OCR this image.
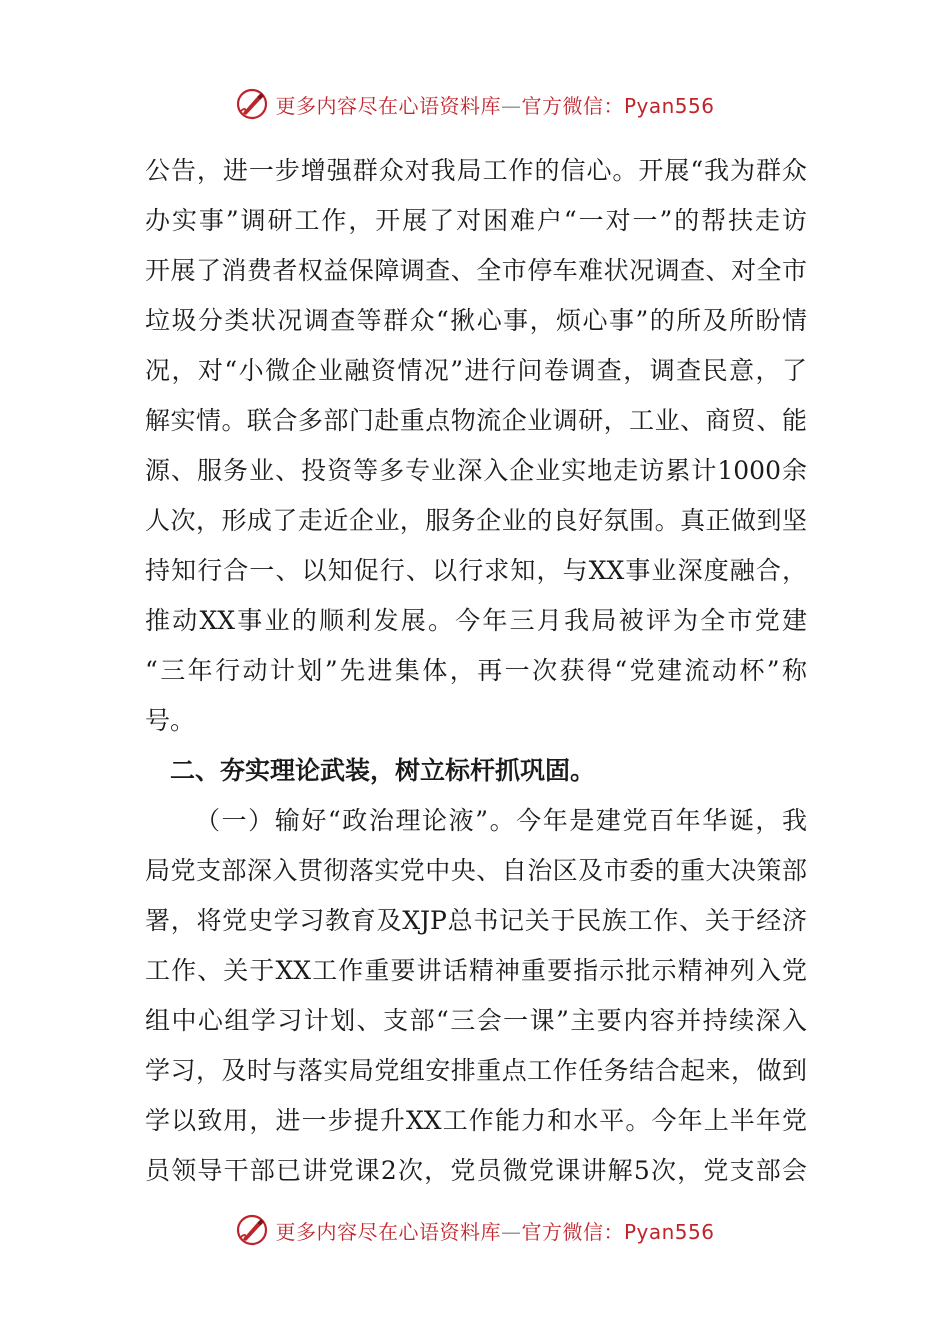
更多内容尽在心语资料库—官方微信：Pyan556
公告，进一步增强群众对我局工作的信心。开展“我为群众
办实事”调研工作，开展了对困难户“一对一”的帮扶走访
开展了消费者权益保障调查、全市停车难状况调查、对全市
垃圾分类状况调查等群众“揪心事，烦心事”的所及所盼情
况，对“小微企业融资情况”进行问卷调查，调查民意，了
解实情。联合多部门赴重点物流企业调研，工业、商贸、能
源、服务业、投资等多专业深入企业实地走访累计1000余
人次，形成了走近企业，服务企业的良好氛围。真正做到坚
持知行合一、以知促行、以行求知，与XX事业深度融合，
推动XX事业的顺利发展。今年三月我局被评为全市党建
“三年行动计划”先进集体，再一次获得“党建流动杯”称
号。
二、夯实理论武装，树立标杆抓巩固。
（一）输好“政治理论液”。今年是建党百年华诞，我
局党支部深入贯彻落实党中央、自治区及市委的重大决策部
署，将党史学习教育及XJP总书记关于民族工作、关于经济
工作、关于XX工作重要讲话精神重要指示批示精神列入党
组中心组学习计划、支部“三会一课”主要内容并持续深入
学习，及时与落实局党组安排重点工作任务结合起来，做到
学以致用，进一步提升XX工作能力和水平。今年上半年党
员领导干部已讲党课2次，党员微党课讲解5次，党支部会
更多内容尽在心语资料库—官方微信：Pyan556
